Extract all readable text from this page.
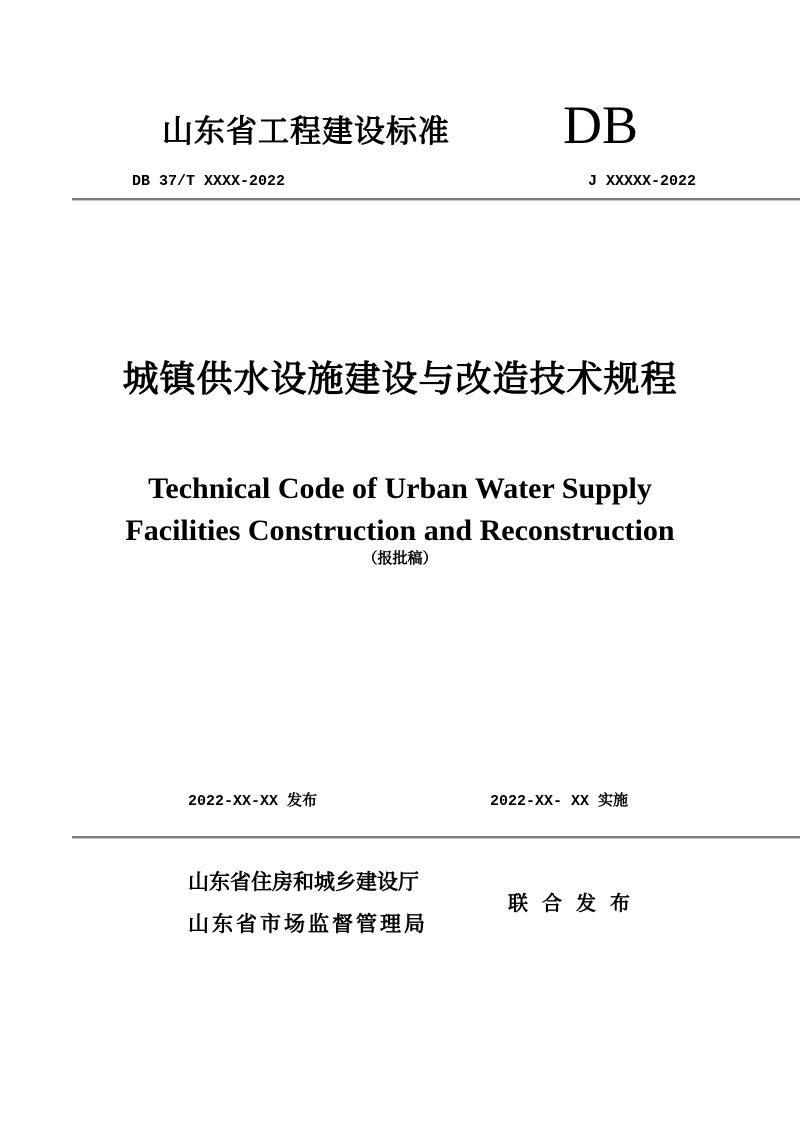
山东省工程建设标准 DB
DB 37/T XXXX-2022	J XXXXX-2022
城镇供水设施建设与改造技术规程
Technical Code of Urban Water Supply
Facilities Construction and Reconstruction
（报批稿）
2022-XX-XX 发布	2022-XX- XX 实施
山东省住房和城乡建设厅
山东省市场监督管理局
联 合 发 布
